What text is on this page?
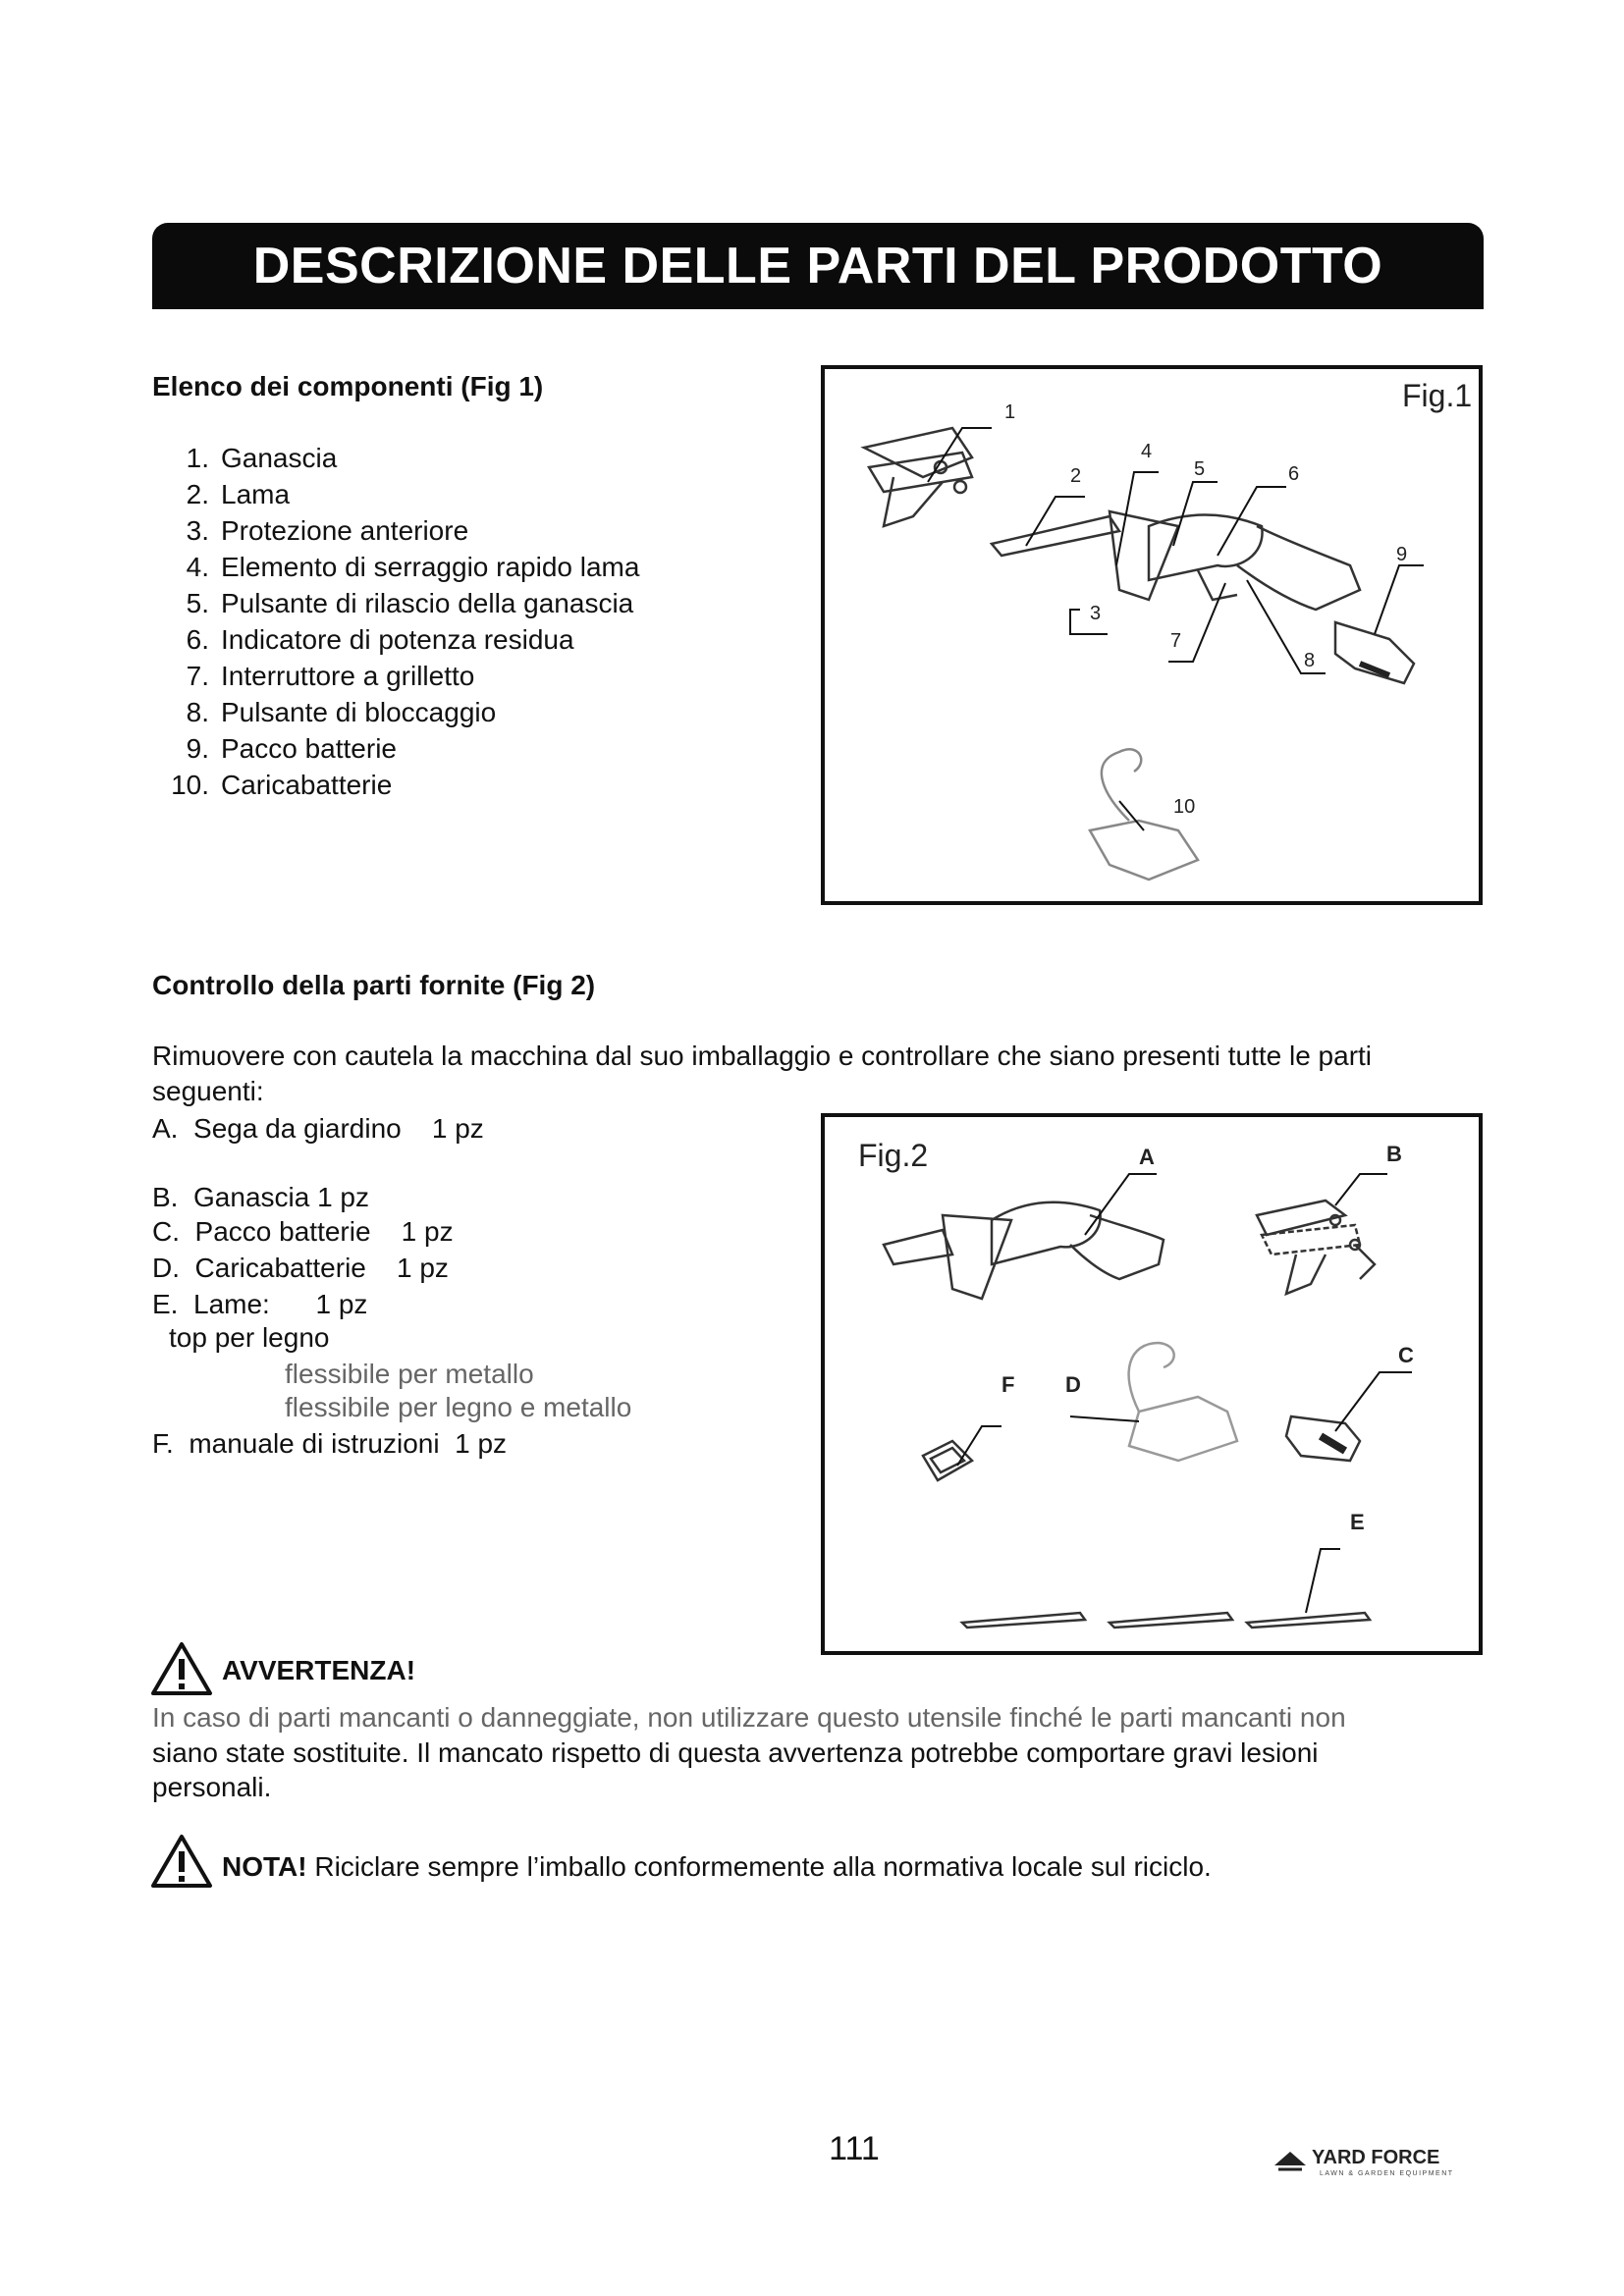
DESCRIZIONE DELLE PARTI DEL PRODOTTO
Elenco dei componenti (Fig 1)
1. Ganascia
2. Lama
3. Protezione anteriore
4. Elemento di serraggio rapido lama
5. Pulsante di rilascio della ganascia
6. Indicatore di potenza residua
7. Interruttore a grilletto
8. Pulsante di bloccaggio
9. Pacco batterie
10. Caricabatterie
1
2
3
4
5	6
7
8
9
10
Fig.1
Controllo della parti fornite (Fig 2)
Rimuovere con cautela la macchina dal suo imballaggio e controllare che siano presenti tutte le parti seguenti:
A.  Sega da giardino    1 pz
B.  Ganascia 1 pz
C.  Pacco batterie    1 pz
D.  Caricabatterie    1 pz
E.  Lame:      1 pz
top per legno
flessibile per metallo
flessibile per legno e metallo
F.  manuale di istruzioni  1 pz
A	B
C
F D
E
Fig.2
AVVERTENZA!
In caso di parti mancanti o danneggiate, non utilizzare questo utensile finché le parti mancanti non
siano state sostituite. Il mancato rispetto di questa avvertenza potrebbe comportare gravi lesioni
personali.
NOTA! Riciclare sempre l’imballo conformemente alla normativa locale sul riciclo.
111	YARD FORCE
LAWN & GARDEN EQUIPMENT
